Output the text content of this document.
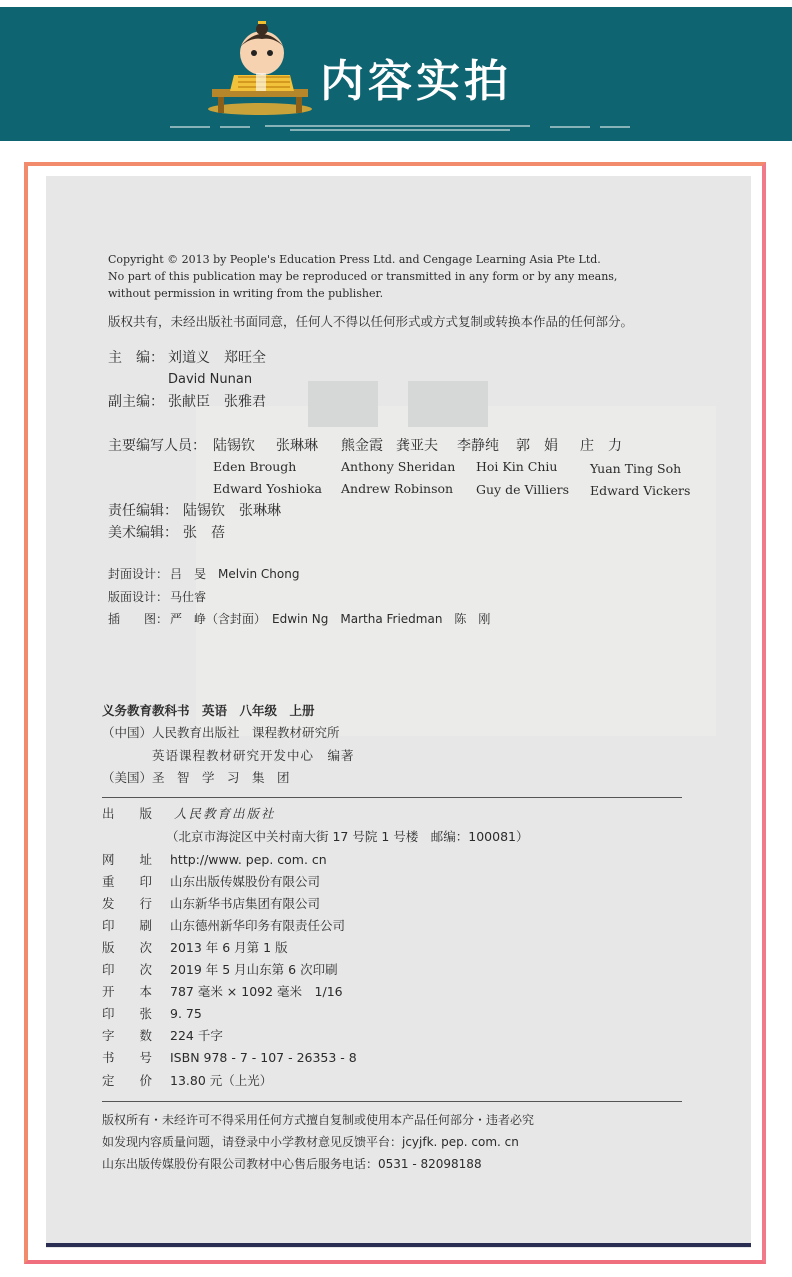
内容实拍
Copyright © 2013 by People's Education Press Ltd. and Cengage Learning Asia Pte Ltd.
No part of this publication may be reproduced or transmitted in any form or by any means,
without permission in writing from the publisher.
版权共有，未经出版社书面同意，任何人不得以任何形式或方式复制或转换本作品的任何部分。
主　编： 刘道义　郑旺全
David Nunan
副主编： 张献臣　张雅君
主要编写人员： 陆锡钦 张琳琳 熊金霞 龚亚夫 李静纯 郭　娟 庄　力
Eden Brough	Anthony Sheridan Hoi Kin Chiu	Yuan Ting Soh
Edward Yoshioka Andrew Robinson Guy de Villiers Edward Vickers
责任编辑： 陆锡钦　张琳琳
美术编辑： 张　蓓
封面设计： 吕　旻　Melvin Chong
版面设计： 马仕睿
插　　图： 严　峥（含封面）　Edwin Ng　Martha Friedman　陈　刚
义务教育教科书　英语　八年级　上册
（中国）人民教育出版社　课程教材研究所
英语课程教材研究开发中心　编著
（美国）圣　智　学　习　集　团
出　　版 人民教育出版社
（北京市海淀区中关村南大街 17 号院 1 号楼　邮编：100081）
网　　址 http://www. pep. com. cn
重　　印 山东出版传媒股份有限公司
发　　行 山东新华书店集团有限公司
印　　刷 山东德州新华印务有限责任公司
版　　次 2013 年 6 月第 1 版
印　　次 2019 年 5 月山东第 6 次印刷
开　　本 787 毫米 × 1092 毫米　1/16
印　　张 9. 75
字　　数 224 千字
书　　号 ISBN 978 - 7 - 107 - 26353 - 8
定　　价 13.80 元（上光）
版权所有・未经许可不得采用任何方式擅自复制或使用本产品任何部分・违者必究
如发现内容质量问题，请登录中小学教材意见反馈平台：jcyjfk. pep. com. cn
山东出版传媒股份有限公司教材中心售后服务电话：0531 - 82098188
